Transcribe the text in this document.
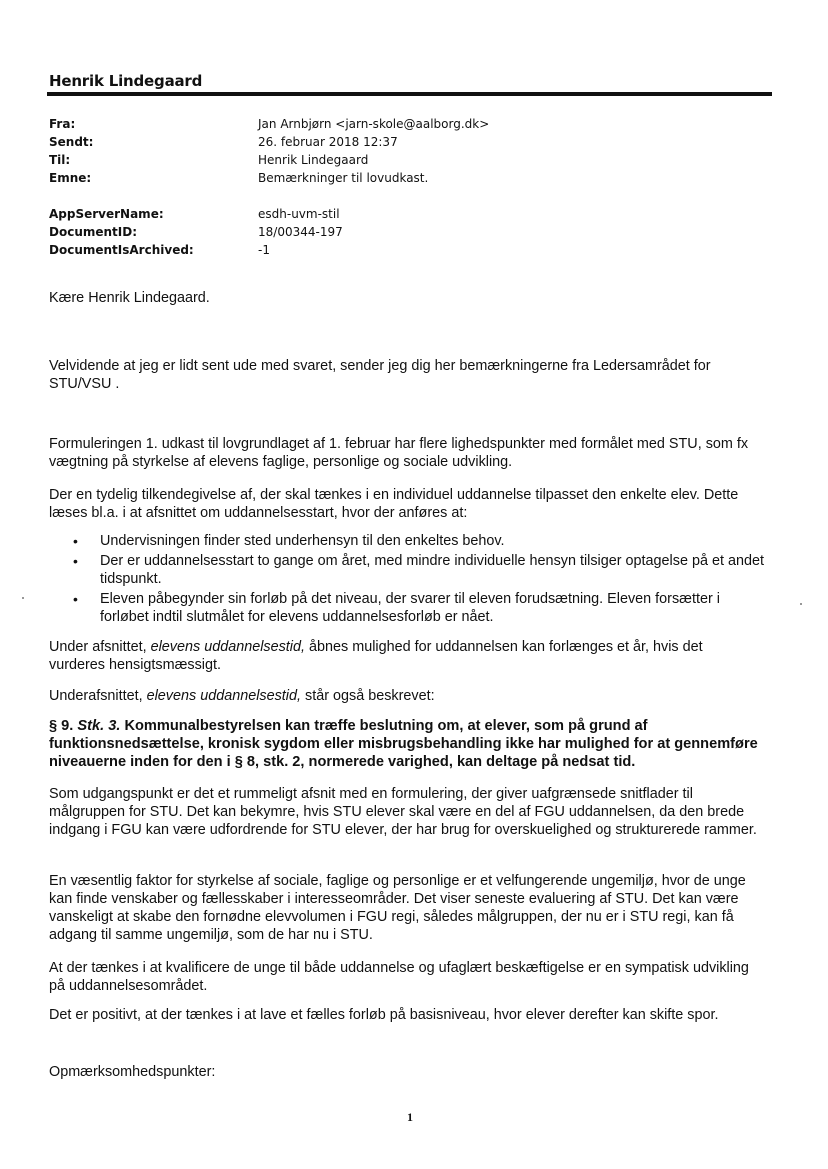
Henrik Lindegaard
Fra:	Jan Arnbjørn <jarn-skole@aalborg.dk>
Sendt:	26. februar 2018 12:37
Til:	Henrik Lindegaard
Emne:	Bemærkninger til lovudkast.
AppServerName:	esdh-uvm-stil
DocumentID:	18/00344-197
DocumentIsArchived:	-1
Kære Henrik Lindegaard.
Velvidende at jeg er lidt sent ude med svaret, sender jeg dig her bemærkningerne fra Ledersamrådet for STU/VSU .
Formuleringen 1. udkast til lovgrundlaget af 1. februar har flere lighedspunkter med formålet med STU, som fx vægtning på styrkelse af elevens faglige, personlige og sociale udvikling.
Der en tydelig tilkendegivelse af, der skal tænkes i en individuel uddannelse tilpasset den enkelte elev. Dette læses bl.a. i at afsnittet om uddannelsesstart, hvor der anføres at:
• Undervisningen finder sted underhensyn til den enkeltes behov.
• Der er uddannelsesstart to gange om året, med mindre individuelle hensyn tilsiger optagelse på et andet tidspunkt.
• Eleven påbegynder sin forløb på det niveau, der svarer til eleven forudsætning. Eleven forsætter i forløbet indtil slutmålet for elevens uddannelsesforløb er nået.
Under afsnittet, elevens uddannelsestid, åbnes mulighed for uddannelsen kan forlænges et år, hvis det vurderes hensigtsmæssigt.
Underafsnittet, elevens uddannelsestid, står også beskrevet:
§ 9. Stk. 3. Kommunalbestyrelsen kan træffe beslutning om, at elever, som på grund af funktionsnedsættelse, kronisk sygdom eller misbrugsbehandling ikke har mulighed for at gennemføre niveauerne inden for den i § 8, stk. 2, normerede varighed, kan deltage på nedsat tid.
Som udgangspunkt er det et rummeligt afsnit med en formulering, der giver uafgrænsede snitflader til målgruppen for STU. Det kan bekymre, hvis STU elever skal være en del af FGU uddannelsen, da den brede indgang i FGU kan være udfordrende for STU elever, der har brug for overskuelighed og strukturerede rammer.
En væsentlig faktor for styrkelse af sociale, faglige og personlige er et velfungerende ungemiljø, hvor de unge kan finde venskaber og fællesskaber i interesseområder. Det viser seneste evaluering af STU. Det kan være vanskeligt at skabe den fornødne elevvolumen i FGU regi, således målgruppen, der nu er i STU regi, kan få adgang til samme ungemiljø, som de har nu i STU.
At der tænkes i at kvalificere de unge til både uddannelse og ufaglært beskæftigelse er en sympatisk udvikling på uddannelsesområdet.
Det er positivt, at der tænkes i at lave et fælles forløb på basisniveau, hvor elever derefter kan skifte spor.
Opmærksomhedspunkter:
1
